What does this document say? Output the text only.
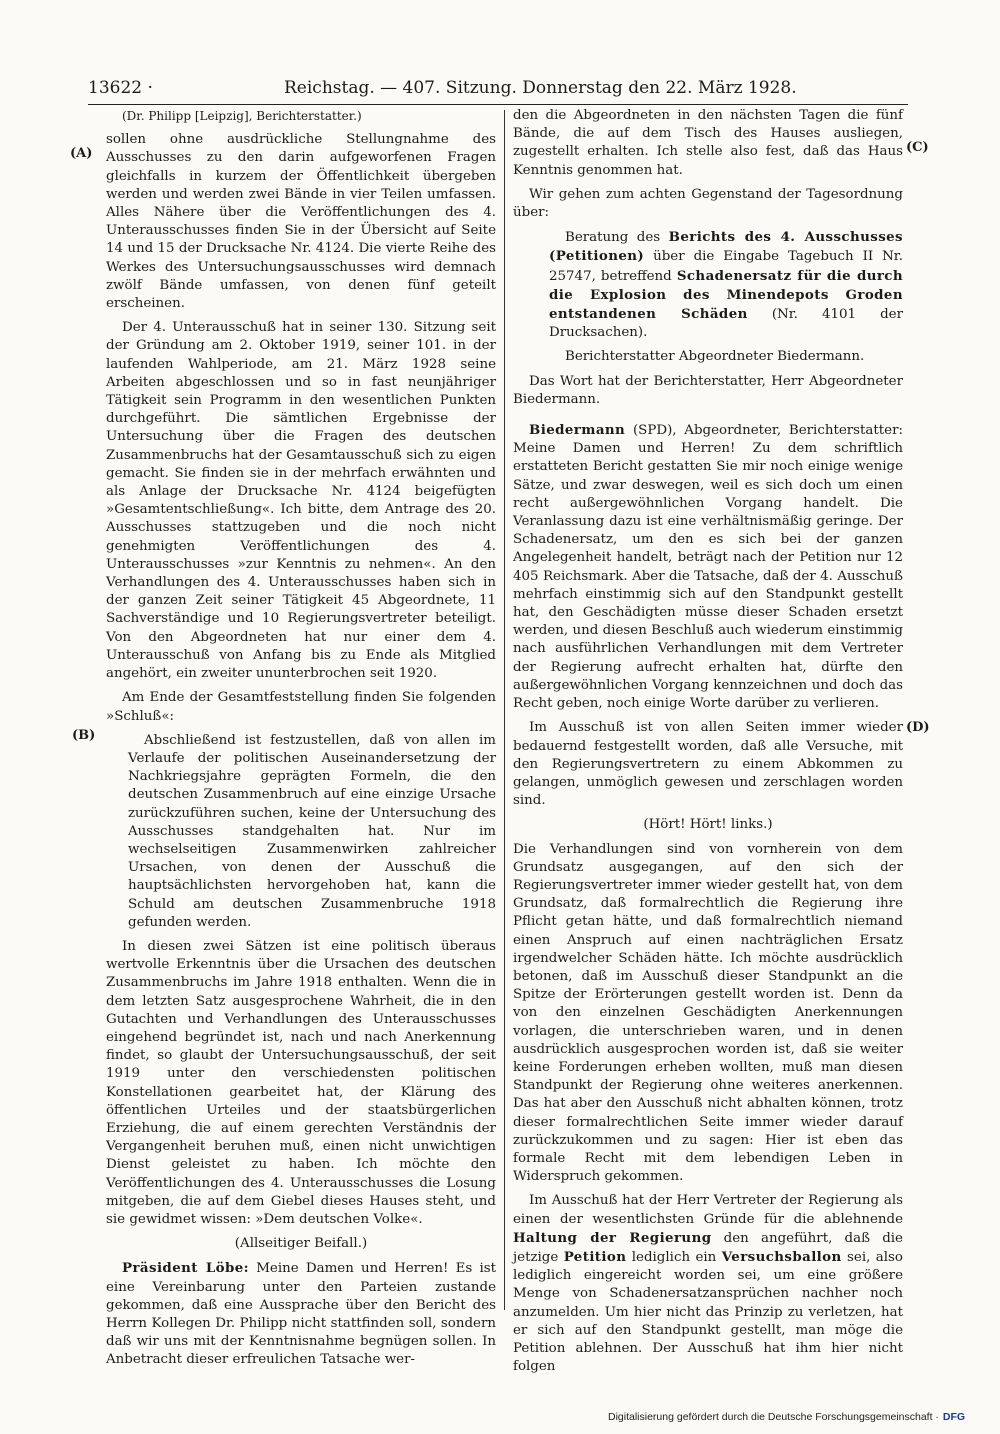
13622 ·	Reichstag. — 407. Sitzung. Donnerstag den 22. März 1928.
(A)
(B)
(C)
(D)

(Dr. Philipp [Leipzig], Berichterstatter.)

sollen ohne ausdrückliche Stellungnahme des Ausschusses zu den darin aufgeworfenen Fragen gleichfalls in kurzem der Öffentlichkeit übergeben werden und werden zwei Bände in vier Teilen umfassen. Alles Nähere über die Veröffentlichungen des 4. Unterausschusses finden Sie in der Übersicht auf Seite 14 und 15 der Drucksache Nr. 4124. Die vierte Reihe des Werkes des Untersuchungsausschusses wird demnach zwölf Bände umfassen, von denen fünf geteilt erscheinen.

Der 4. Unterausschuß hat in seiner 130. Sitzung seit der Gründung am 2. Oktober 1919, seiner 101. in der laufenden Wahlperiode, am 21. März 1928 seine Arbeiten abgeschlossen und so in fast neunjähriger Tätigkeit sein Programm in den wesentlichen Punkten durchgeführt. Die sämtlichen Ergebnisse der Untersuchung über die Fragen des deutschen Zusammenbruchs hat der Gesamtausschuß sich zu eigen gemacht. Sie finden sie in der mehrfach erwähnten und als Anlage der Drucksache Nr. 4124 beigefügten »Gesamtentschließung«. Ich bitte, dem Antrage des 20. Ausschusses stattzugeben und die noch nicht genehmigten Veröffentlichungen des 4. Unterausschusses »zur Kenntnis zu nehmen«. An den Verhandlungen des 4. Unterausschusses haben sich in der ganzen Zeit seiner Tätigkeit 45 Abgeordnete, 11 Sachverständige und 10 Regierungsvertreter beteiligt. Von den Abgeordneten hat nur einer dem 4. Unterausschuß von Anfang bis zu Ende als Mitglied angehört, ein zweiter ununterbrochen seit 1920.

Am Ende der Gesamtfeststellung finden Sie folgenden »Schluß«:

Abschließend ist festzustellen, daß von allen im Verlaufe der politischen Auseinandersetzung der Nachkriegsjahre geprägten Formeln, die den deutschen Zusammenbruch auf eine einzige Ursache zurückzuführen suchen, keine der Untersuchung des Ausschusses standgehalten hat. Nur im wechselseitigen Zusammenwirken zahlreicher Ursachen, von denen der Ausschuß die hauptsächlichsten hervorgehoben hat, kann die Schuld am deutschen Zusammenbruche 1918 gefunden werden.

In diesen zwei Sätzen ist eine politisch überaus wertvolle Erkenntnis über die Ursachen des deutschen Zusammenbruchs im Jahre 1918 enthalten. Wenn die in dem letzten Satz ausgesprochene Wahrheit, die in den Gutachten und Verhandlungen des Unterausschusses eingehend begründet ist, nach und nach Anerkennung findet, so glaubt der Untersuchungsausschuß, der seit 1919 unter den verschiedensten politischen Konstellationen gearbeitet hat, der Klärung des öffentlichen Urteiles und der staatsbürgerlichen Erziehung, die auf einem gerechten Verständnis der Vergangenheit beruhen muß, einen nicht unwichtigen Dienst geleistet zu haben. Ich möchte den Veröffentlichungen des 4. Unterausschusses die Losung mitgeben, die auf dem Giebel dieses Hauses steht, und sie gewidmet wissen: »Dem deutschen Volke«.

(Allseitiger Beifall.)

Präsident Löbe: Meine Damen und Herren! Es ist eine Vereinbarung unter den Parteien zustande gekommen, daß eine Aussprache über den Bericht des Herrn Kollegen Dr. Philipp nicht stattfinden soll, sondern daß wir uns mit der Kenntnisnahme begnügen sollen. In Anbetracht dieser erfreulichen Tatsache wer-

den die Abgeordneten in den nächsten Tagen die fünf Bände, die auf dem Tisch des Hauses ausliegen, zugestellt erhalten. Ich stelle also fest, daß das Haus Kenntnis genommen hat.

Wir gehen zum achten Gegenstand der Tagesordnung über:

Beratung des Berichts des 4. Ausschusses (Petitionen) über die Eingabe Tagebuch II Nr. 25747, betreffend Schadenersatz für die durch die Explosion des Minendepots Groden entstandenen Schäden (Nr. 4101 der Drucksachen).

Berichterstatter Abgeordneter Biedermann.

Das Wort hat der Berichterstatter, Herr Abgeordneter Biedermann.

Biedermann (SPD), Abgeordneter, Berichterstatter: Meine Damen und Herren! Zu dem schriftlich erstatteten Bericht gestatten Sie mir noch einige wenige Sätze, und zwar deswegen, weil es sich doch um einen recht außergewöhnlichen Vorgang handelt. Die Veranlassung dazu ist eine verhältnismäßig geringe. Der Schadenersatz, um den es sich bei der ganzen Angelegenheit handelt, beträgt nach der Petition nur 12 405 Reichsmark. Aber die Tatsache, daß der 4. Ausschuß mehrfach einstimmig sich auf den Standpunkt gestellt hat, den Geschädigten müsse dieser Schaden ersetzt werden, und diesen Beschluß auch wiederum einstimmig nach ausführlichen Verhandlungen mit dem Vertreter der Regierung aufrecht erhalten hat, dürfte den außergewöhnlichen Vorgang kennzeichnen und doch das Recht geben, noch einige Worte darüber zu verlieren.

Im Ausschuß ist von allen Seiten immer wieder bedauernd festgestellt worden, daß alle Versuche, mit den Regierungsvertretern zu einem Abkommen zu gelangen, unmöglich gewesen und zerschlagen worden sind.

(Hört! Hört! links.)

Die Verhandlungen sind von vornherein von dem Grundsatz ausgegangen, auf den sich der Regierungsvertreter immer wieder gestellt hat, von dem Grundsatz, daß formalrechtlich die Regierung ihre Pflicht getan hätte, und daß formalrechtlich niemand einen Anspruch auf einen nachträglichen Ersatz irgendwelcher Schäden hätte. Ich möchte ausdrücklich betonen, daß im Ausschuß dieser Standpunkt an die Spitze der Erörterungen gestellt worden ist. Denn da von den einzelnen Geschädigten Anerkennungen vorlagen, die unterschrieben waren, und in denen ausdrücklich ausgesprochen worden ist, daß sie weiter keine Forderungen erheben wollten, muß man diesen Standpunkt der Regierung ohne weiteres anerkennen. Das hat aber den Ausschuß nicht abhalten können, trotz dieser formalrechtlichen Seite immer wieder darauf zurückzukommen und zu sagen: Hier ist eben das formale Recht mit dem lebendigen Leben in Widerspruch gekommen.

Im Ausschuß hat der Herr Vertreter der Regierung als einen der wesentlichsten Gründe für die ablehnende Haltung der Regierung den angeführt, daß die jetzige Petition lediglich ein Versuchsballon sei, also lediglich eingereicht worden sei, um eine größere Menge von Schadenersatzansprüchen nachher noch anzumelden. Um hier nicht das Prinzip zu verletzen, hat er sich auf den Standpunkt gestellt, man möge die Petition ablehnen. Der Ausschuß hat ihm hier nicht folgen

Digitalisierung gefördert durch die Deutsche Forschungsgemeinschaft · DFG
